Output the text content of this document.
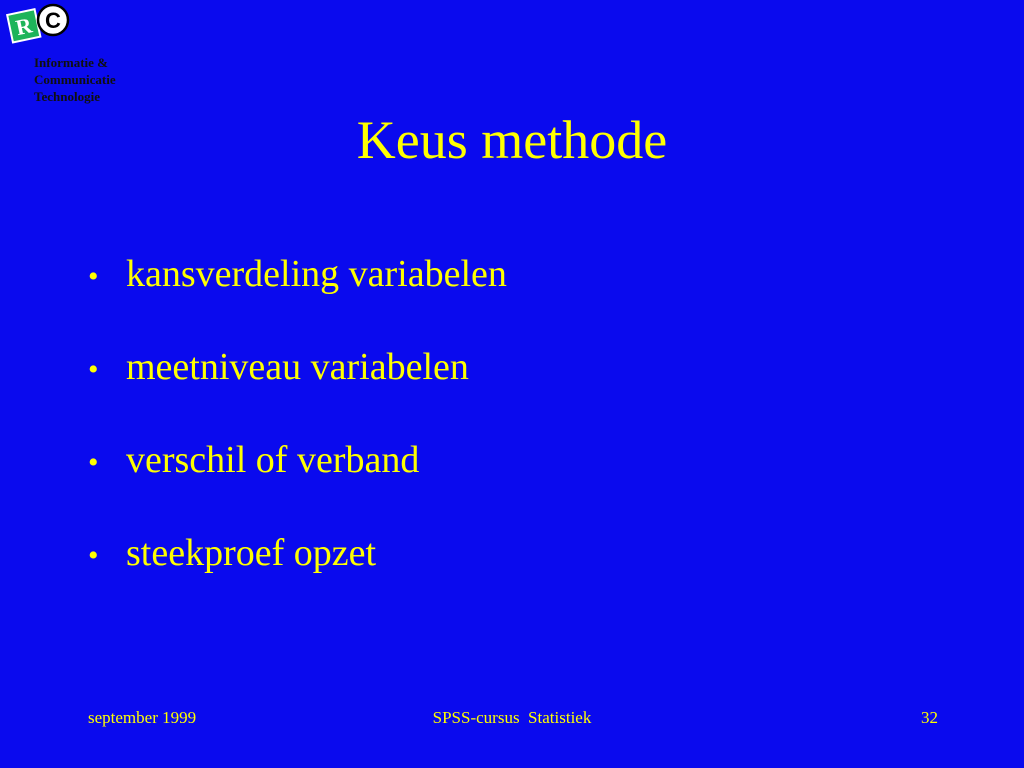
R C
Informatie &
Communicatie
Technologie
Keus methode
• kansverdeling variabelen
• meetniveau variabelen
• verschil of verband
• steekproef opzet
september 1999	SPSS-cursus  Statistiek	32
